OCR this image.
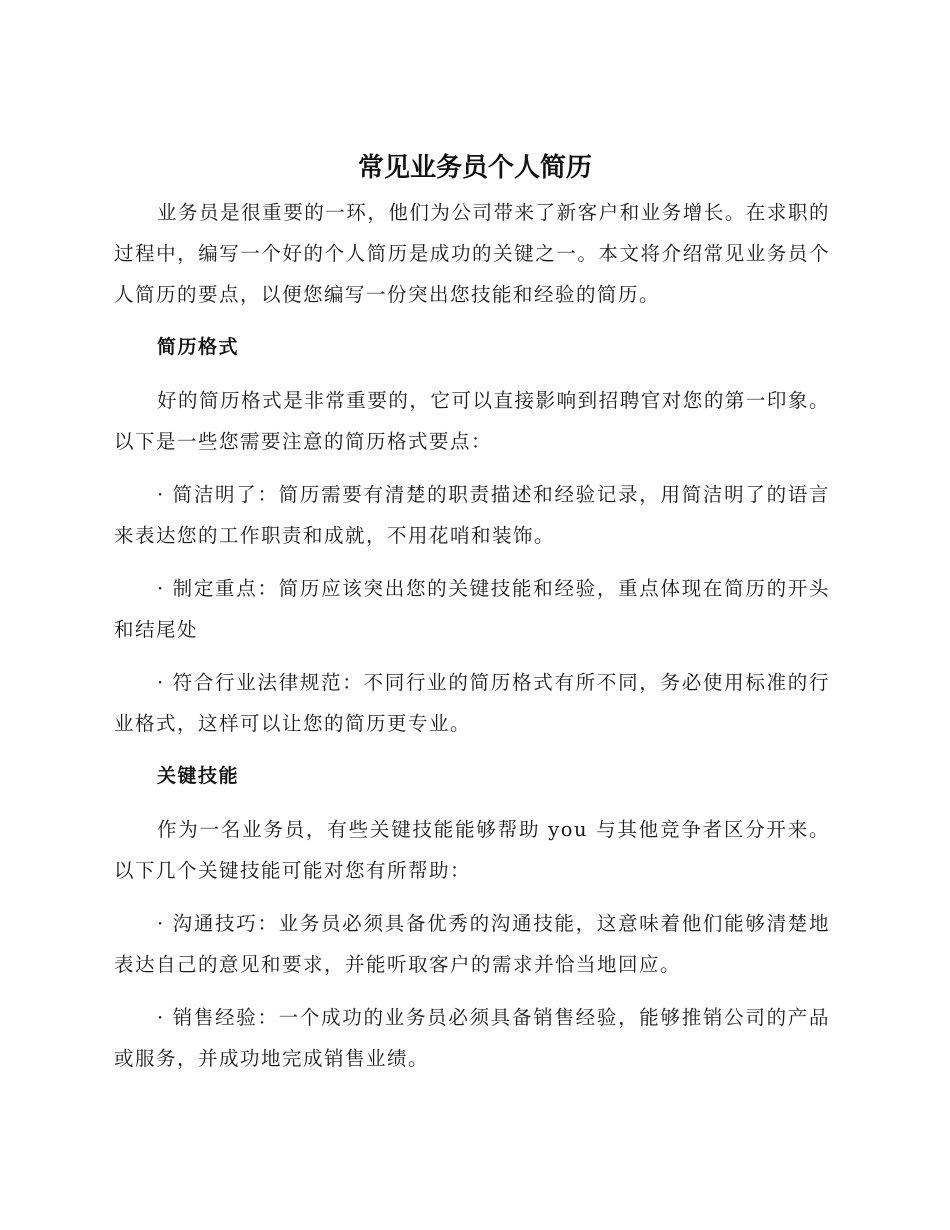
常见业务员个人简历

业务员是很重要的一环，他们为公司带来了新客户和业务增长。在求职的过程中，编写一个好的个人简历是成功的关键之一。本文将介绍常见业务员个人简历的要点，以便您编写一份突出您技能和经验的简历。

简历格式

好的简历格式是非常重要的，它可以直接影响到招聘官对您的第一印象。以下是一些您需要注意的简历格式要点：

· 简洁明了：简历需要有清楚的职责描述和经验记录，用简洁明了的语言来表达您的工作职责和成就，不用花哨和装饰。

· 制定重点：简历应该突出您的关键技能和经验，重点体现在简历的开头和结尾处

· 符合行业法律规范：不同行业的简历格式有所不同，务必使用标准的行业格式，这样可以让您的简历更专业。

关键技能

作为一名业务员，有些关键技能能够帮助 you 与其他竞争者区分开来。以下几个关键技能可能对您有所帮助：

· 沟通技巧：业务员必须具备优秀的沟通技能，这意味着他们能够清楚地表达自己的意见和要求，并能听取客户的需求并恰当地回应。

· 销售经验：一个成功的业务员必须具备销售经验，能够推销公司的产品或服务，并成功地完成销售业绩。
